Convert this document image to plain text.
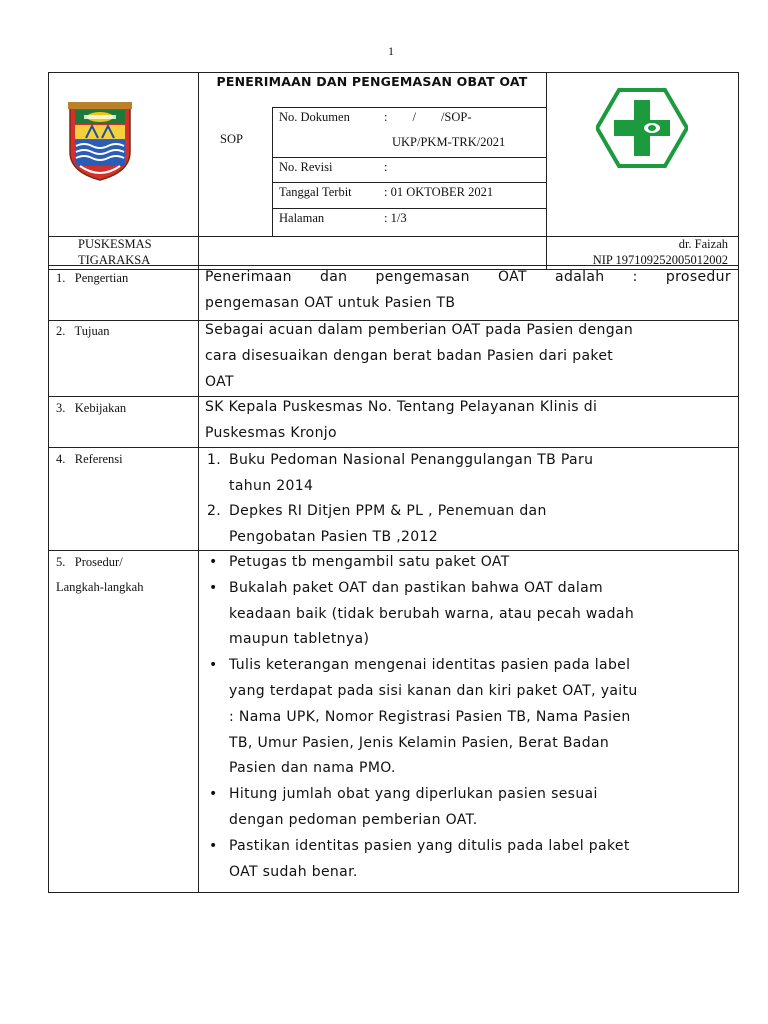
1
PENERIMAAN DAN PENGEMASAN OBAT OAT
SOP
No. Dokumen	:        /        /SOP-
UKP/PKM-TRK/2021
No. Revisi	:
Tanggal Terbit	: 01 OKTOBER 2021
Halaman	: 1/3
PUSKESMAS
TIGARAKSA
dr. Faizah
NIP 197109252005012002
1.   Pengertian	Penerimaan dan pengemasan OAT adalah : prosedur
pengemasan OAT untuk Pasien TB
2.   Tujuan	Sebagai acuan dalam pemberian OAT pada Pasien dengan
cara disesuaikan dengan berat badan Pasien dari paket
OAT
3.   Kebijakan	SK Kepala Puskesmas No. Tentang Pelayanan Klinis di
Puskesmas Kronjo
4.   Referensi	1. Buku Pedoman Nasional Penanggulangan TB Paru
tahun 2014
2. Depkes RI Ditjen PPM & PL , Penemuan dan
Pengobatan Pasien TB ,2012
5.   Prosedur/
Langkah-langkah
• Petugas tb mengambil satu paket OAT
• Bukalah paket OAT dan pastikan bahwa OAT dalam
keadaan baik (tidak berubah warna, atau pecah wadah
maupun tabletnya)
• Tulis keterangan mengenai identitas pasien pada label
yang terdapat pada sisi kanan dan kiri paket OAT, yaitu
: Nama UPK, Nomor Registrasi Pasien TB, Nama Pasien
TB, Umur Pasien, Jenis Kelamin Pasien, Berat Badan
Pasien dan nama PMO.
• Hitung jumlah obat yang diperlukan pasien sesuai
dengan pedoman pemberian OAT.
• Pastikan identitas pasien yang ditulis pada label paket
OAT sudah benar.
